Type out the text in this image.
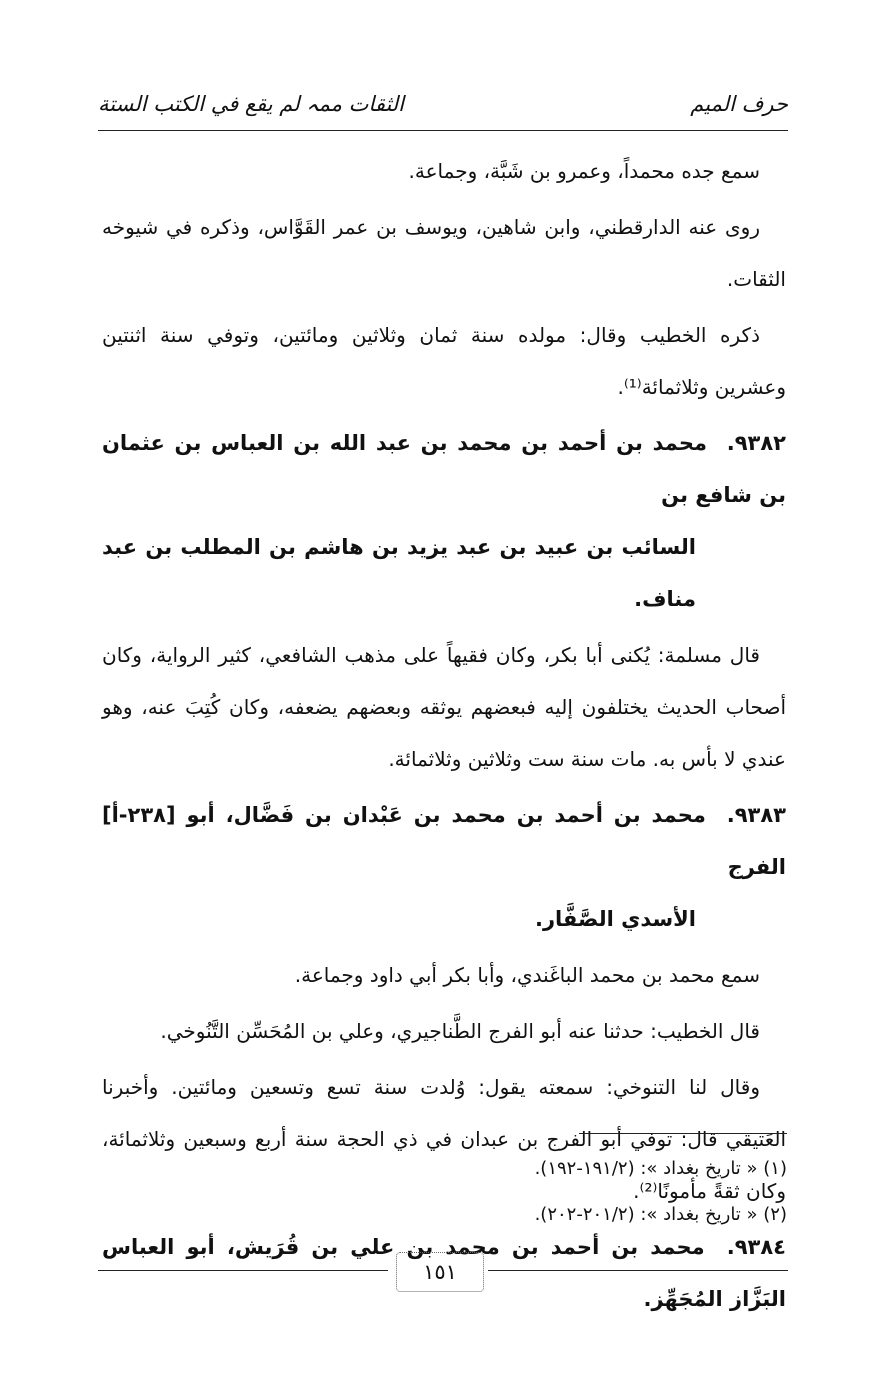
حرف الميم
الثقات ممہ لم يقع في الكتب الستة

سمع جده محمداً، وعمرو بن شَبَّة، وجماعة.

روى عنه الدارقطني، وابن شاهين، ويوسف بن عمر القَوَّاس، وذكره في شيوخه الثقات.

ذكره الخطيب وقال: مولده سنة ثمان وثلاثين ومائتين، وتوفي سنة اثنتين وعشرين وثلاثمائة⁽¹⁾.

٩٣٨٢. محمد بن أحمد بن محمد بن عبد الله بن العباس بن عثمان بن شافع بن
السائب بن عبيد بن عبد يزيد بن هاشم بن المطلب بن عبد مناف.

قال مسلمة: يُكنى أبا بكر، وكان فقيهاً على مذهب الشافعي، كثير الرواية، وكان أصحاب الحديث يختلفون إليه فبعضهم يوثقه وبعضهم يضعفه، وكان كُتِبَ عنه، وهو عندي لا بأس به. مات سنة ست وثلاثين وثلاثمائة.

٩٣٨٣. محمد بن أحمد بن محمد بن عَبْدان بن فَضَّال، أبو [٢٣٨-أ] الفرج
الأسدي الصَّفَّار.

سمع محمد بن محمد الباغَندي، وأبا بكر أبي داود وجماعة.

قال الخطيب: حدثنا عنه أبو الفرج الطَّناجيري، وعلي بن المُحَسِّن التَّنُوخي.

وقال لنا التنوخي: سمعته يقول: وُلدت سنة تسع وتسعين ومائتين. وأخبرنا العَتيقي قال: توفي أبو الفرج بن عبدان في ذي الحجة سنة أربع وسبعين وثلاثمائة، وكان ثقةً مأمونًا⁽²⁾.

٩٣٨٤. محمد بن أحمد بن محمد بن علي بن قُرَيش، أبو العباس البَزَّاز المُجَهِّز.
(١) « تاريخ بغداد »: (١٩١/٢-١٩٢).
(٢) « تاريخ بغداد »: (٢٠١/٢-٢٠٢).
١٥١
